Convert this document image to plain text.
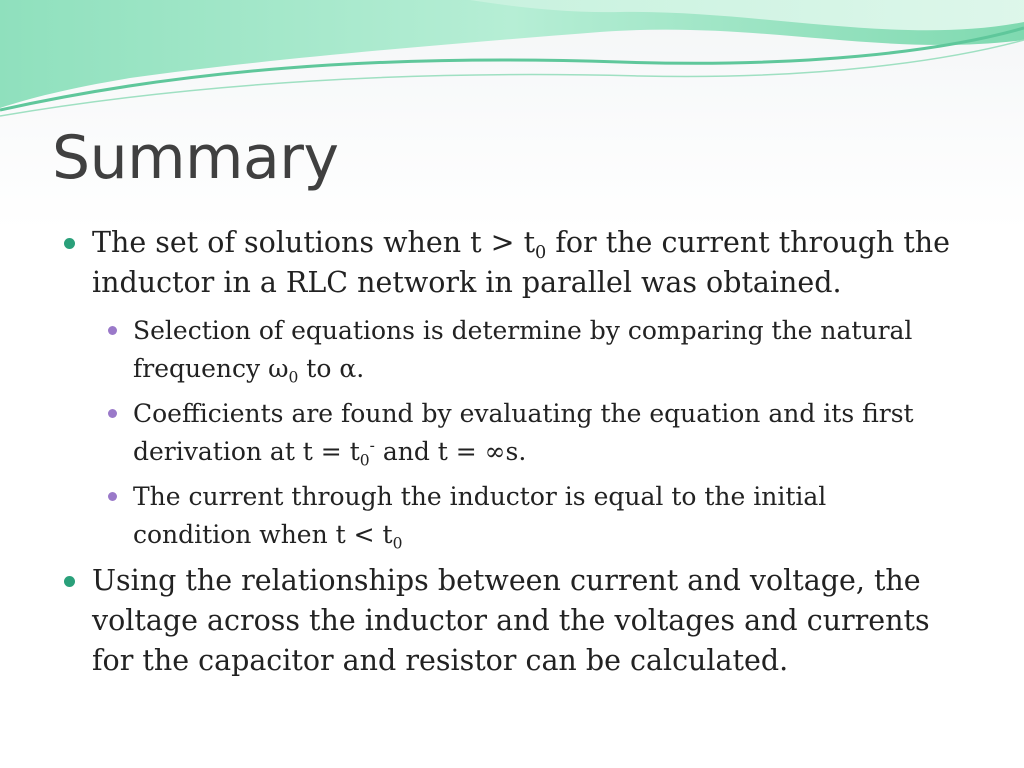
Summary
The set of solutions when $t > t_0$ for the current through the
inductor in a RLC network in parallel was obtained.
Selection of equations is determine by comparing the natural
frequency $\omega_0$ to α.
Coefficients are found by evaluating the equation and its first
derivation at $t = t_0^-$ and t = ∞s.
The current through the inductor is equal to the initial
condition when $t < t_0$
Using the relationships between current and voltage, the
voltage across the inductor and the voltages and currents
for the capacitor and resistor can be calculated.
